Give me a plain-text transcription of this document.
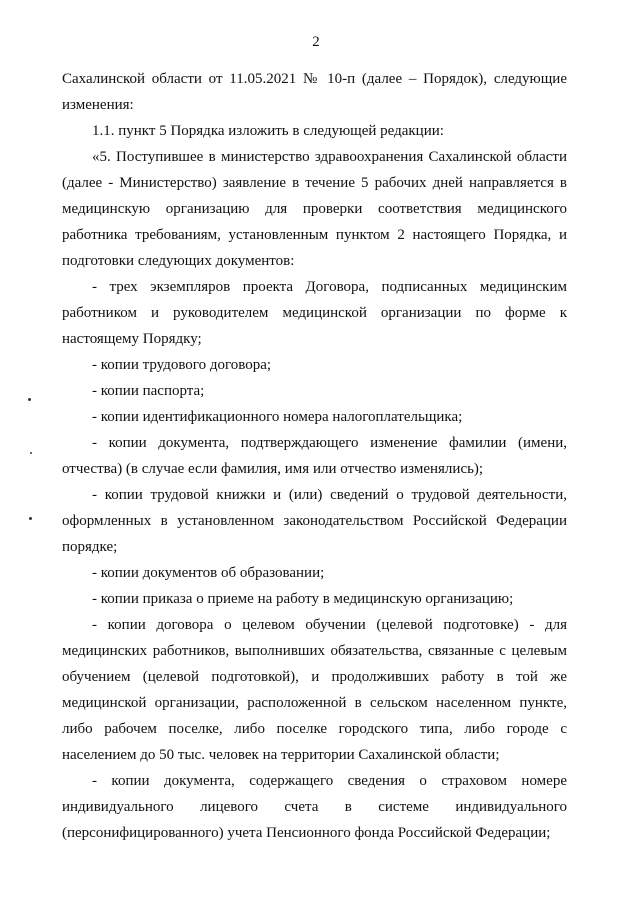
2

Сахалинской области от 11.05.2021 № 10-п (далее – Порядок), следующие изменения:

1.1. пункт 5 Порядка изложить в следующей редакции:

«5. Поступившее в министерство здравоохранения Сахалинской области (далее - Министерство) заявление в течение 5 рабочих дней направляется в медицинскую организацию для проверки соответствия медицинского работника требованиям, установленным пунктом 2 настоящего Порядка, и подготовки следующих документов:

- трех экземпляров проекта Договора, подписанных медицинским работником и руководителем медицинской организации по форме к настоящему Порядку;

- копии трудового договора;

- копии паспорта;

- копии идентификационного номера налогоплательщика;

- копии документа, подтверждающего изменение фамилии (имени, отчества) (в случае если фамилия, имя или отчество изменялись);

- копии трудовой книжки и (или) сведений о трудовой деятельности, оформленных в установленном законодательством Российской Федерации порядке;

- копии документов об образовании;

- копии приказа о приеме на работу в медицинскую организацию;

- копии договора о целевом обучении (целевой подготовке) - для медицинских работников, выполнивших обязательства, связанные с целевым обучением (целевой подготовкой), и продолживших работу в той же медицинской организации, расположенной в сельском населенном пункте, либо рабочем поселке, либо поселке городского типа, либо городе с населением до 50 тыс. человек на территории Сахалинской области;

- копии документа, содержащего сведения о страховом номере индивидуального лицевого счета в системе индивидуального (персонифицированного) учета Пенсионного фонда Российской Федерации;
